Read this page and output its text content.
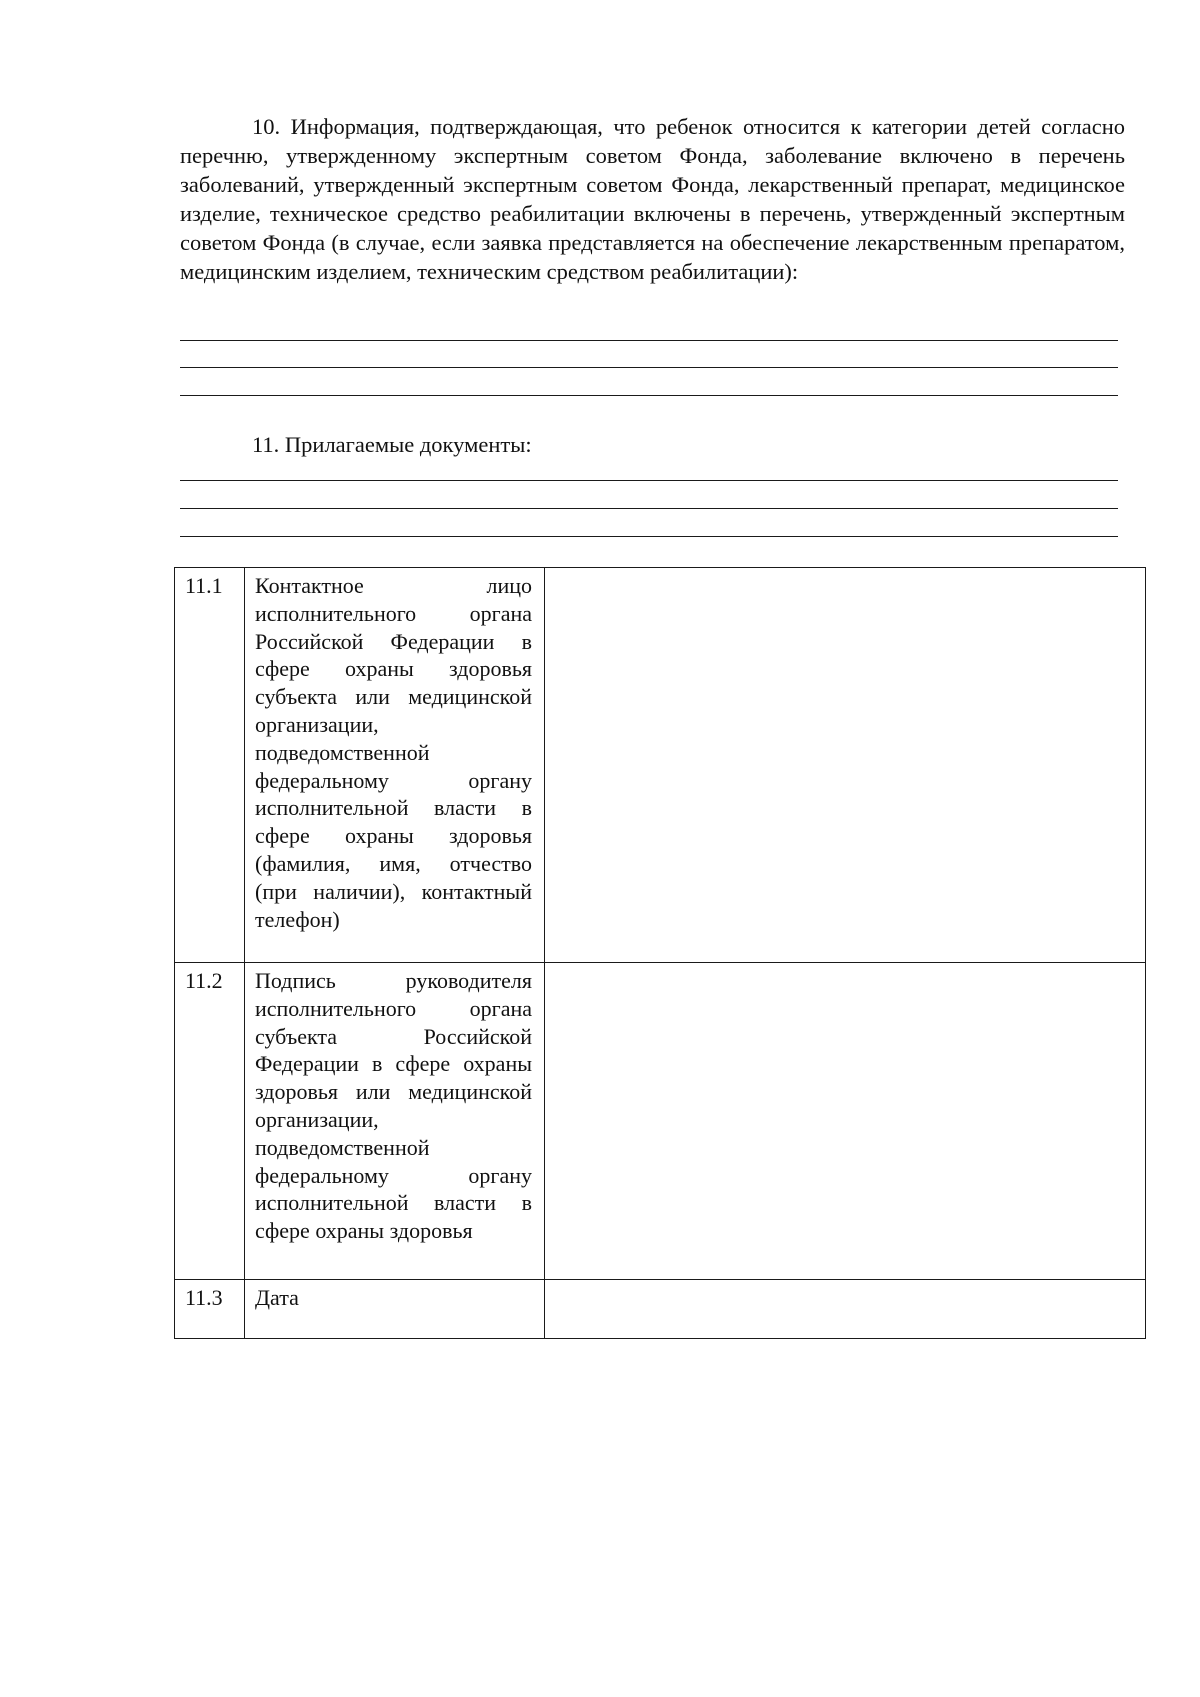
10. Информация, подтверждающая, что ребенок относится к категории детей согласно перечню, утвержденному экспертным советом Фонда, заболевание включено в перечень заболеваний, утвержденный экспертным советом Фонда, лекарственный препарат, медицинское изделие, техническое средство реабилитации включены в перечень, утвержденный экспертным советом Фонда (в случае, если заявка представляется на обеспечение лекарственным препаратом, медицинским изделием, техническим средством реабилитации):

11. Прилагаемые документы:

11.1	Контактное лицо исполнительного органа Российской Федерации в сфере охраны здоровья субъекта или медицинской организации, подведомственной федеральному органу исполнительной власти в сфере охраны здоровья (фамилия, имя, отчество (при наличии), контактный телефон)	
11.2	Подпись руководителя исполнительного органа субъекта Российской Федерации в сфере охраны здоровья или медицинской организации, подведомственной федеральному органу исполнительной власти в сфере охраны здоровья	
11.3	Дата	
